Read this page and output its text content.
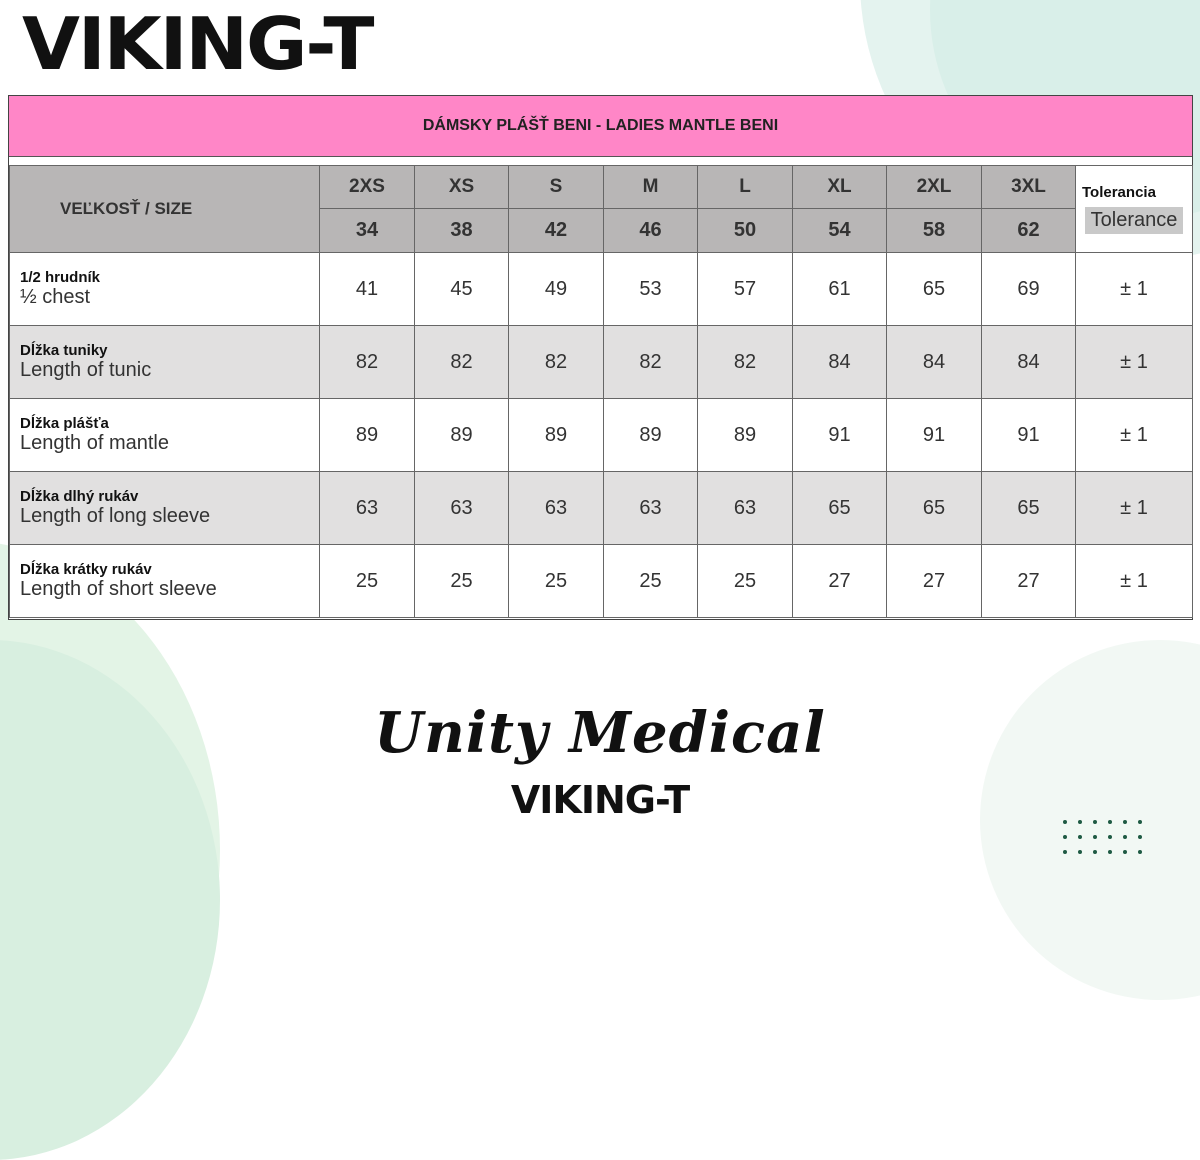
VIKING-T
DÁMSKY PLÁŠŤ BENI - LADIES MANTLE BENI
VEĽKOSŤ / SIZE	2XS	XS	S	M	L	XL	2XL	3XL	Tolerancia
Tolerance
	34	38	42	46	50	54	58	62	

1/2 hrudník
½ chest	41	45	49	53	57	61	65	69	± 1

Dĺžka tuniky
Length of tunic	82	82	82	82	82	84	84	84	± 1

Dĺžka plášťa
Length of mantle	89	89	89	89	89	91	91	91	± 1

Dĺžka dlhý rukáv
Length of long sleeve	63	63	63	63	63	65	65	65	± 1

Dĺžka krátky rukáv
Length of short sleeve	25	25	25	25	25	27	27	27	± 1
Unity Medical
VIKING-T
